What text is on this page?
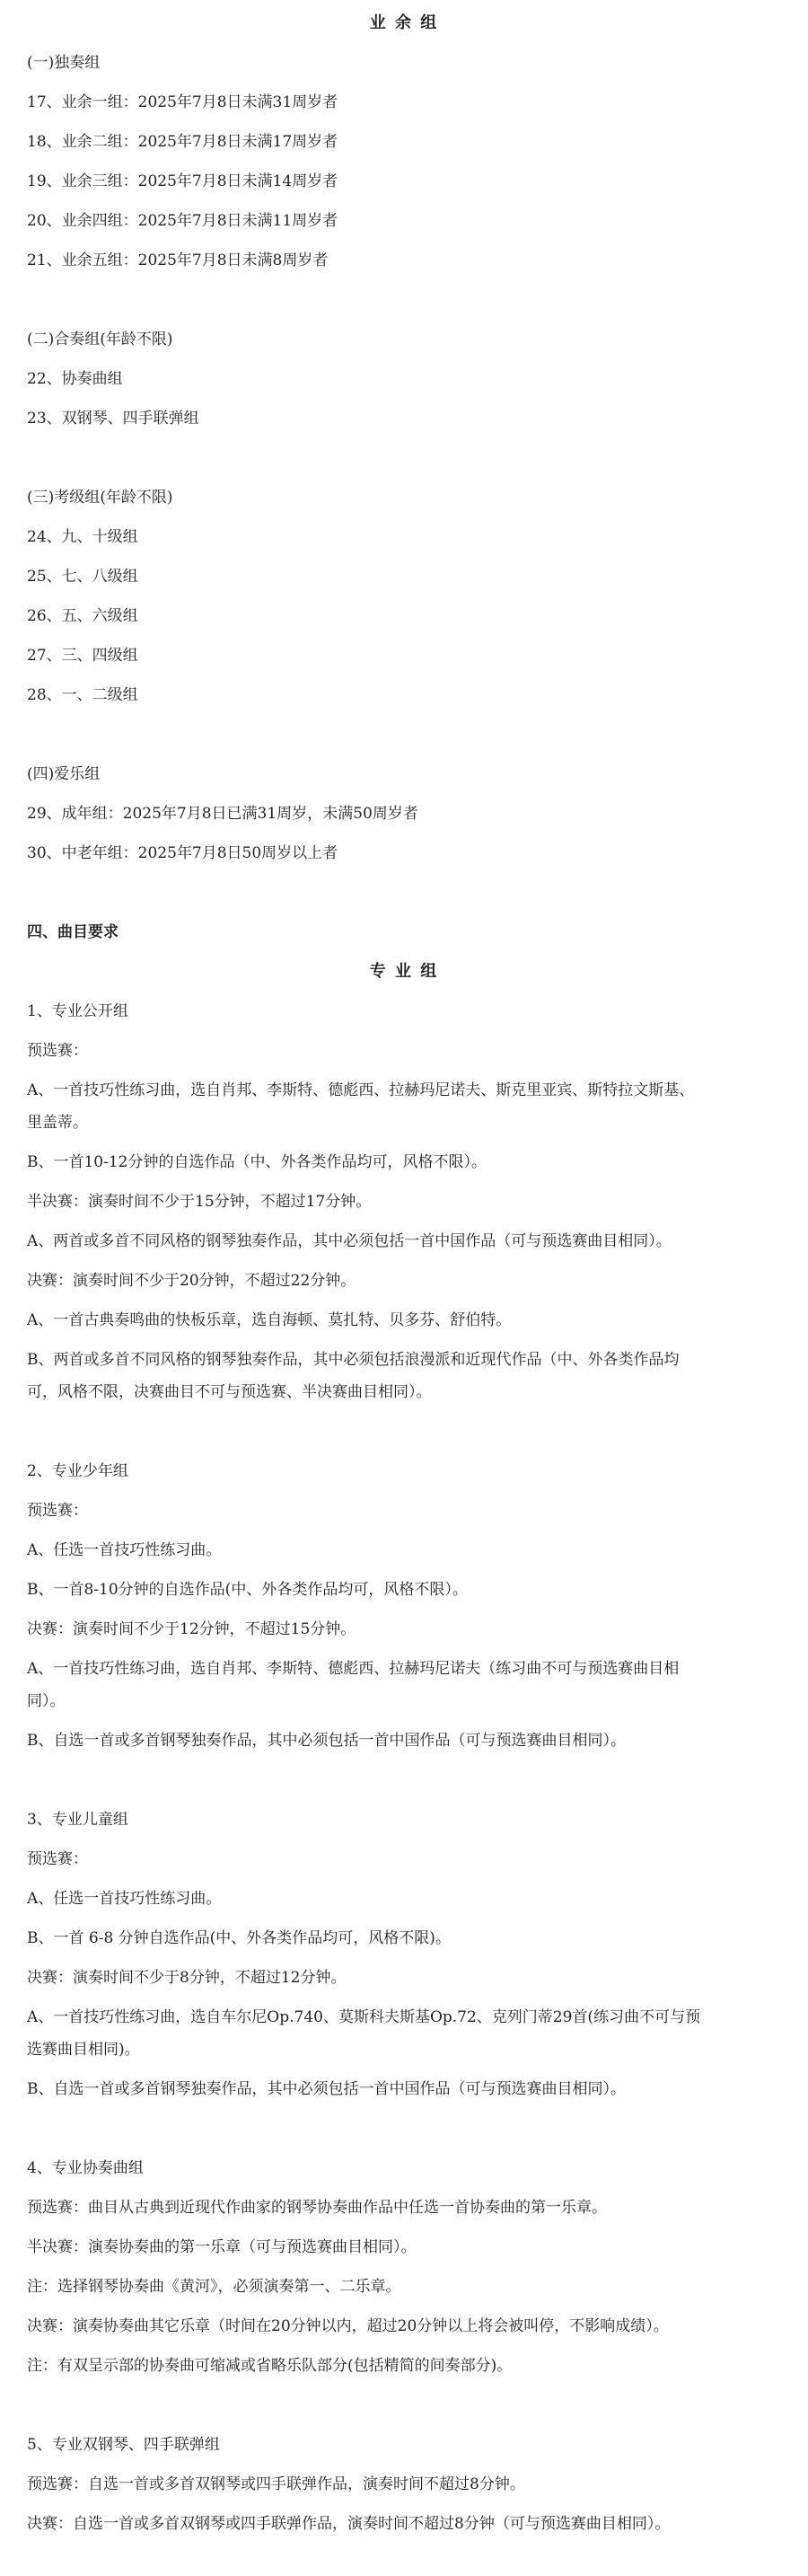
业 余 组
(一)独奏组
17、业余一组：2025年7月8日未满31周岁者
18、业余二组：2025年7月8日未满17周岁者
19、业余三组：2025年7月8日未满14周岁者
20、业余四组：2025年7月8日未满11周岁者
21、业余五组：2025年7月8日未满8周岁者
(二)合奏组(年龄不限)
22、协奏曲组
23、双钢琴、四手联弹组
(三)考级组(年龄不限)
24、九、十级组
25、七、八级组
26、五、六级组
27、三、四级组
28、一、二级组
(四)爱乐组
29、成年组：2025年7月8日已满31周岁，未满50周岁者
30、中老年组：2025年7月8日50周岁以上者
四、曲目要求
专 业 组
1、专业公开组
预选赛：
A、一首技巧性练习曲，选自肖邦、李斯特、德彪西、拉赫玛尼诺夫、斯克里亚宾、斯特拉文斯基、
里盖蒂。
B、一首10-12分钟的自选作品（中、外各类作品均可，风格不限）。
半决赛：演奏时间不少于15分钟，不超过17分钟。
A、两首或多首不同风格的钢琴独奏作品，其中必须包括一首中国作品（可与预选赛曲目相同）。
决赛：演奏时间不少于20分钟，不超过22分钟。
A、一首古典奏鸣曲的快板乐章，选自海顿、莫扎特、贝多芬、舒伯特。
B、两首或多首不同风格的钢琴独奏作品，其中必须包括浪漫派和近现代作品（中、外各类作品均
可，风格不限，决赛曲目不可与预选赛、半决赛曲目相同）。
2、专业少年组
预选赛：
A、任选一首技巧性练习曲。
B、一首8-10分钟的自选作品(中、外各类作品均可，风格不限）。
决赛：演奏时间不少于12分钟，不超过15分钟。
A、一首技巧性练习曲，选自肖邦、李斯特、德彪西、拉赫玛尼诺夫（练习曲不可与预选赛曲目相
同）。
B、自选一首或多首钢琴独奏作品，其中必须包括一首中国作品（可与预选赛曲目相同）。
3、专业儿童组
预选赛：
A、任选一首技巧性练习曲。
B、一首 6-8 分钟自选作品(中、外各类作品均可，风格不限)。
决赛：演奏时间不少于8分钟，不超过12分钟。
A、一首技巧性练习曲，选自车尔尼Op.740、莫斯科夫斯基Op.72、克列门蒂29首(练习曲不可与预
选赛曲目相同)。
B、自选一首或多首钢琴独奏作品，其中必须包括一首中国作品（可与预选赛曲目相同）。
4、专业协奏曲组
预选赛：曲目从古典到近现代作曲家的钢琴协奏曲作品中任选一首协奏曲的第一乐章。
半决赛：演奏协奏曲的第一乐章（可与预选赛曲目相同）。
注：选择钢琴协奏曲《黄河》，必须演奏第一、二乐章。
决赛：演奏协奏曲其它乐章（时间在20分钟以内，超过20分钟以上将会被叫停，不影响成绩）。
注：有双呈示部的协奏曲可缩减或省略乐队部分(包括精简的间奏部分)。
5、专业双钢琴、四手联弹组
预选赛：自选一首或多首双钢琴或四手联弹作品，演奏时间不超过8分钟。
决赛：自选一首或多首双钢琴或四手联弹作品，演奏时间不超过8分钟（可与预选赛曲目相同）。
